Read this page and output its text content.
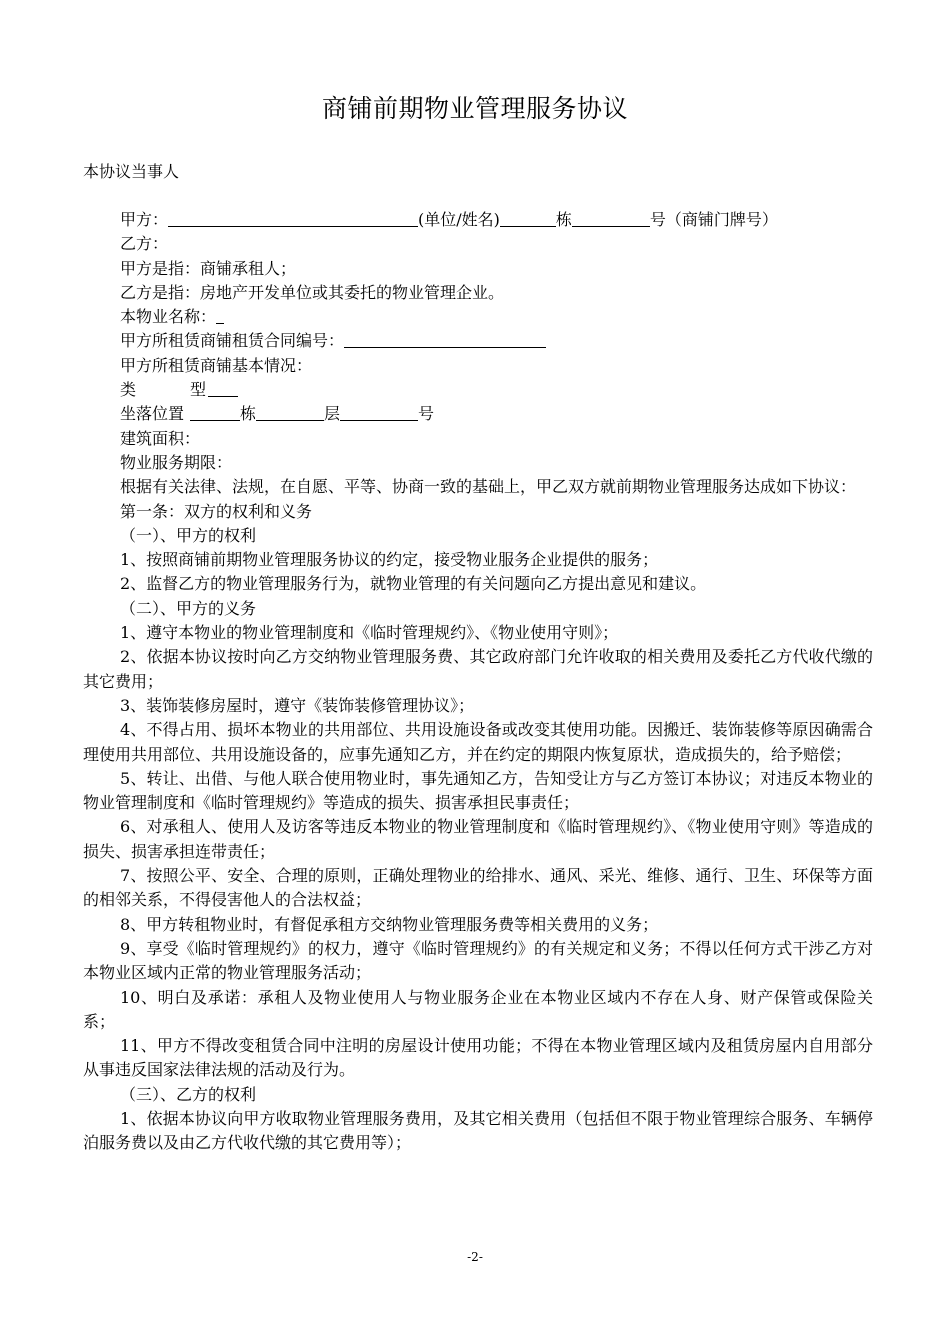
商铺前期物业管理服务协议
本协议当事人
甲方：	(单位/姓名)	栋	号（商铺门牌号）
乙方：
甲方是指：商铺承租人；
乙方是指：房地产开发单位或其委托的物业管理企业。
本物业名称：
甲方所租赁商铺租赁合同编号：
甲方所租赁商铺基本情况：
类 型
坐落位置	栋	层	号
建筑面积：
物业服务期限：
根据有关法律、法规，在自愿、平等、协商一致的基础上，甲乙双方就前期物业管理服务达成如下协议：
第一条：双方的权利和义务
（一）、甲方的权利
1、按照商铺前期物业管理服务协议的约定，接受物业服务企业提供的服务；
2、监督乙方的物业管理服务行为，就物业管理的有关问题向乙方提出意见和建议。
（二）、甲方的义务
1、遵守本物业的物业管理制度和《临时管理规约》、《物业使用守则》；
2、依据本协议按时向乙方交纳物业管理服务费、其它政府部门允许收取的相关费用及委托乙方代收代缴的其它费用；
3、装饰装修房屋时，遵守《装饰装修管理协议》；
4、不得占用、损坏本物业的共用部位、共用设施设备或改变其使用功能。因搬迁、装饰装修等原因确需合理使用共用部位、共用设施设备的，应事先通知乙方，并在约定的期限内恢复原状，造成损失的，给予赔偿；
5、转让、出借、与他人联合使用物业时，事先通知乙方，告知受让方与乙方签订本协议；对违反本物业的物业管理制度和《临时管理规约》等造成的损失、损害承担民事责任；
6、对承租人、使用人及访客等违反本物业的物业管理制度和《临时管理规约》、《物业使用守则》等造成的损失、损害承担连带责任；
7、按照公平、安全、合理的原则，正确处理物业的给排水、通风、采光、维修、通行、卫生、环保等方面的相邻关系，不得侵害他人的合法权益；
8、甲方转租物业时，有督促承租方交纳物业管理服务费等相关费用的义务；
9、享受《临时管理规约》的权力，遵守《临时管理规约》的有关规定和义务；不得以任何方式干涉乙方对本物业区域内正常的物业管理服务活动；
10、明白及承诺：承租人及物业使用人与物业服务企业在本物业区域内不存在人身、财产保管或保险关系；
11、甲方不得改变租赁合同中注明的房屋设计使用功能；不得在本物业管理区域内及租赁房屋内自用部分从事违反国家法律法规的活动及行为。
（三）、乙方的权利
1、依据本协议向甲方收取物业管理服务费用，及其它相关费用（包括但不限于物业管理综合服务、车辆停泊服务费以及由乙方代收代缴的其它费用等）；
-2-
